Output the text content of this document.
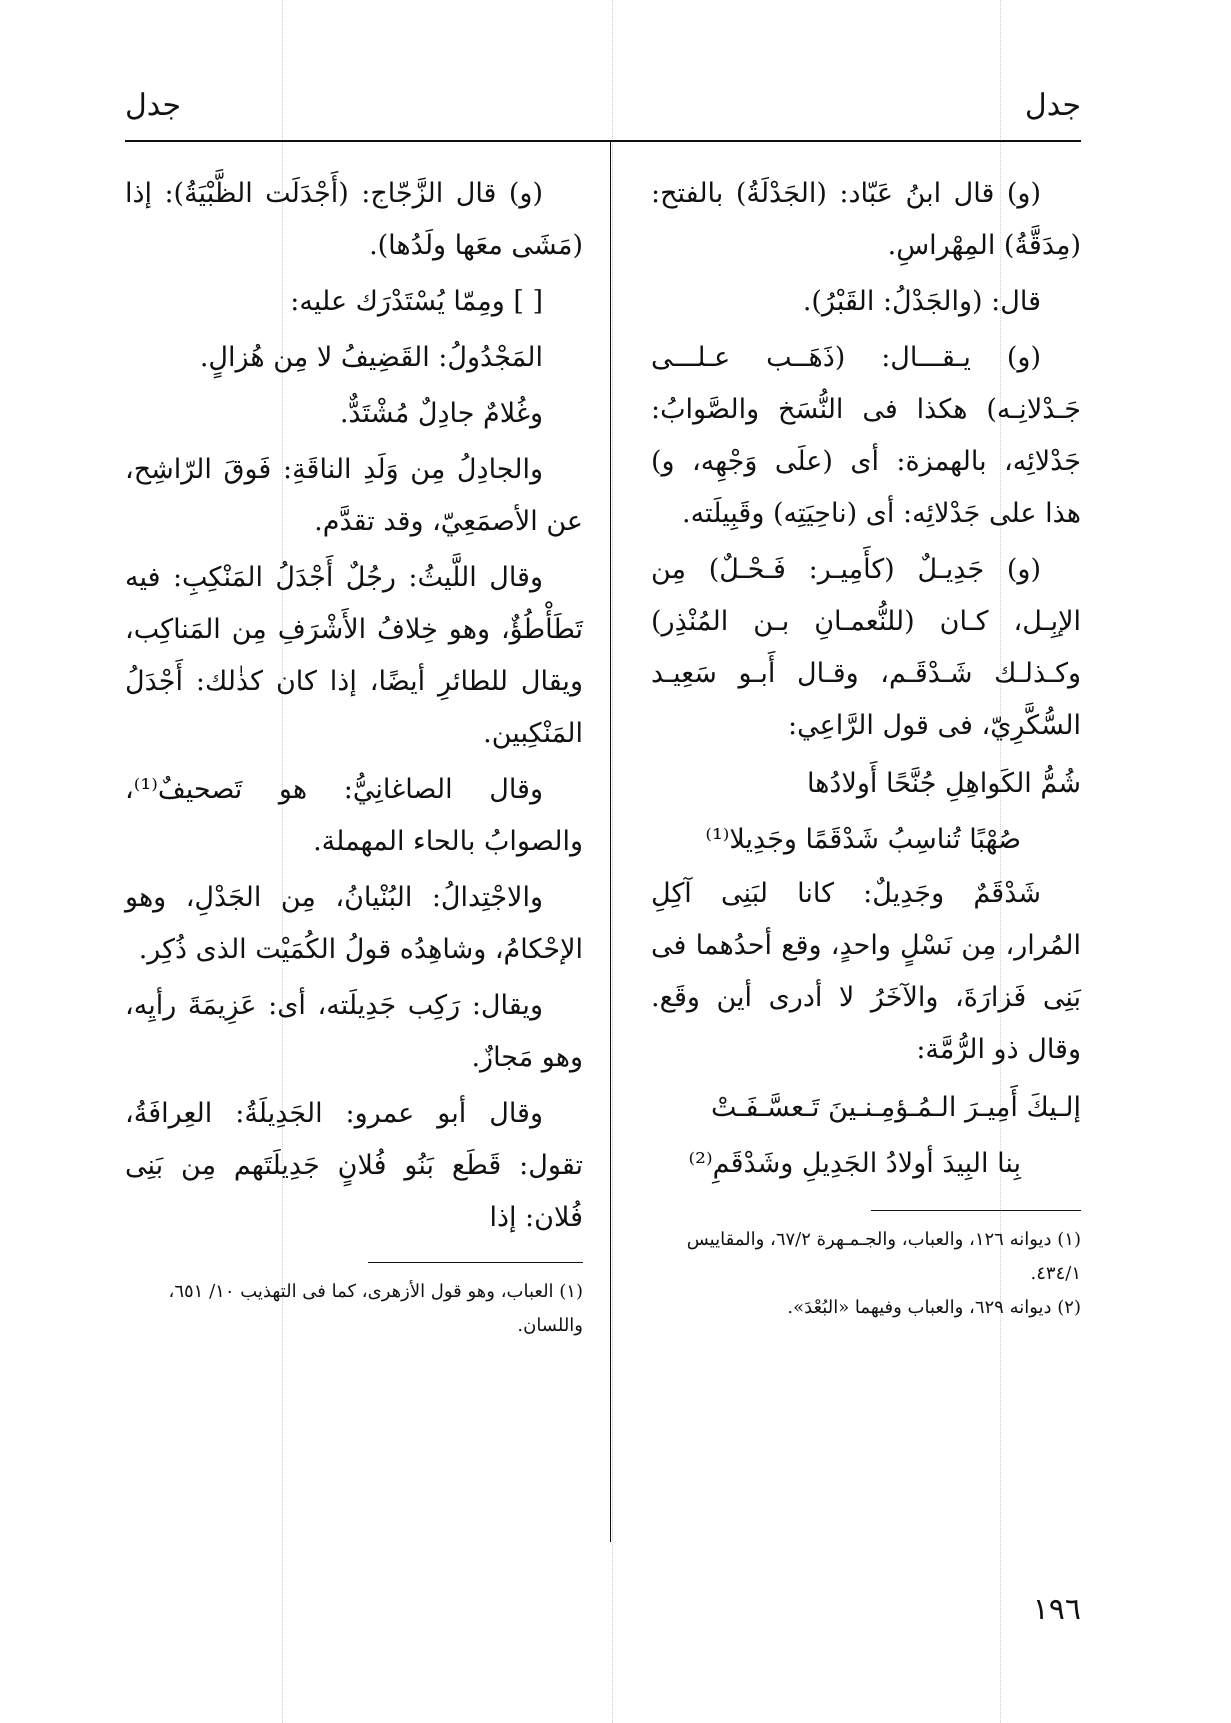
جدل
جدل

(و) قال ابنُ عَبّاد: (الجَدْلَةُ) بالفتح: (مِدَقَّةُ) المِهْراسِ.

قال: (والجَدْلُ: القَبْرُ).

(و) يـقـــال: (ذَهَــب عـلـــى جَـدْلانِـه) هكذا فى النُّسَخ والصَّوابُ: جَدْلائِه، بالهمزة: أى (علَى وَجْهِه، و) هذا على جَدْلائِه: أى (ناحِيَتِه) وقَبِيلَته.

(و) جَدِيـلٌ (كأَمِيـر: فَـحْـلٌ) مِن الإبِـل، كـان (للنُّعمـانِ بـن المُنْذِر) وكـذلـك شَـدْقَـم، وقـال أَبـو سَعِيـد السُّكَّرِيّ، فى قول الرَّاعِي:

شُمُّ الكَواهِلِ جُنَّحًا أَولادُها

صُهْبًا تُناسِبُ شَدْقَمًا وجَدِيلا⁽¹⁾

شَدْقَمٌ وجَدِيلٌ: كانا لبَنِى آكِلِ المُرار، مِن نَسْلٍ واحدٍ، وقع أحدُهما فى بَنِى فَزارَةَ، والآخَرُ لا أدرى أين وقَع. وقال ذو الرُّمَّة:

إلـيكَ أَمِيـرَ الـمُـؤمِـنـينَ تَـعسَّـفَـتْ

بِنا البِيدَ أولادُ الجَدِيلِ وشَدْقَمِ⁽²⁾

(١) ديوانه ١٢٦، والعباب، والجـمـهرة ٦٧/٢، والمقاييس ٤٣٤/١.

(٢) ديوانه ٦٢٩، والعباب وفيهما «البُعْدَ».

(و) قال الزَّجّاج: (أَجْدَلَت الظَّبْيَةُ): إذا (مَشَى معَها ولَدُها).

[ ] ومِمّا يُسْتَدْرَك عليه:

المَجْدُولُ: القَضِيفُ لا مِن هُزالٍ.

وغُلامٌ جادِلٌ مُشْتَدٌّ.

والجادِلُ مِن وَلَدِ الناقَةِ: فَوقَ الرّاشِح، عن الأصمَعِيّ، وقد تقدَّم.

وقال اللَّيثُ: رجُلٌ أَجْدَلُ المَنْكِبِ: فيه تَطَأْطُؤٌ، وهو خِلافُ الأَشْرَفِ مِن المَناكِب، ويقال للطائرِ أيضًا، إذا كان كذٰلك: أَجْدَلُ المَنْكِبين.

وقال الصاغانِيُّ: هو تَصحيفٌ⁽¹⁾، والصوابُ بالحاء المهملة.

والاجْتِدالُ: البُنْيانُ، مِن الجَدْلِ، وهو الإحْكامُ، وشاهِدُه قولُ الكُمَيْت الذى ذُكِر.

ويقال: رَكِب جَدِيلَته، أى: عَزِيمَةَ رأيِه، وهو مَجازٌ.

وقال أبو عمرو: الجَدِيلَةُ: العِرافَةُ، تقول: قَطَع بَنُو فُلانٍ جَدِيلَتَهم مِن بَنِى فُلان: إذا

(١) العباب، وهو قول الأزهرى، كما فى التهذيب ١٠/ ٦٥١، واللسان.

١٩٦
